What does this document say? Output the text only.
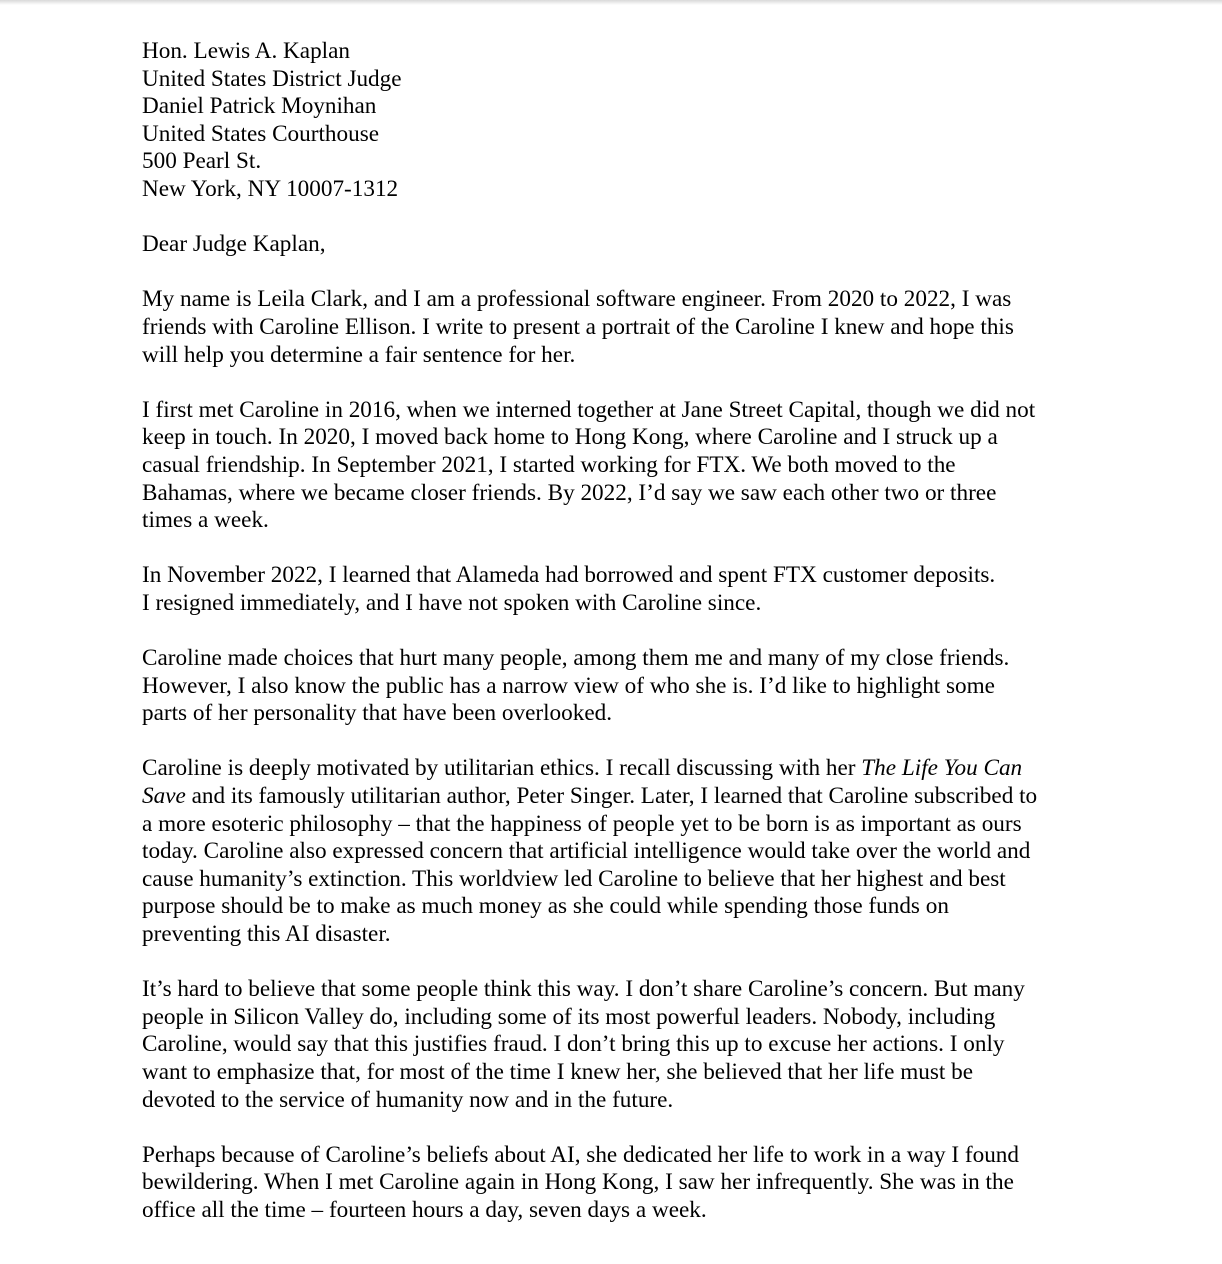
Hon. Lewis A. Kaplan
United States District Judge
Daniel Patrick Moynihan
United States Courthouse
500 Pearl St.
New York, NY 10007-1312
Dear Judge Kaplan,
My name is Leila Clark, and I am a professional software engineer. From 2020 to 2022, I was
friends with Caroline Ellison. I write to present a portrait of the Caroline I knew and hope this
will help you determine a fair sentence for her.
I first met Caroline in 2016, when we interned together at Jane Street Capital, though we did not
keep in touch. In 2020, I moved back home to Hong Kong, where Caroline and I struck up a
casual friendship. In September 2021, I started working for FTX. We both moved to the
Bahamas, where we became closer friends. By 2022, I’d say we saw each other two or three
times a week.
In November 2022, I learned that Alameda had borrowed and spent FTX customer deposits.
I resigned immediately, and I have not spoken with Caroline since.
Caroline made choices that hurt many people, among them me and many of my close friends.
However, I also know the public has a narrow view of who she is. I’d like to highlight some
parts of her personality that have been overlooked.
Caroline is deeply motivated by utilitarian ethics. I recall discussing with her The Life You Can
Save and its famously utilitarian author, Peter Singer. Later, I learned that Caroline subscribed to
a more esoteric philosophy – that the happiness of people yet to be born is as important as ours
today. Caroline also expressed concern that artificial intelligence would take over the world and
cause humanity’s extinction. This worldview led Caroline to believe that her highest and best
purpose should be to make as much money as she could while spending those funds on
preventing this AI disaster.
It’s hard to believe that some people think this way. I don’t share Caroline’s concern. But many
people in Silicon Valley do, including some of its most powerful leaders. Nobody, including
Caroline, would say that this justifies fraud. I don’t bring this up to excuse her actions. I only
want to emphasize that, for most of the time I knew her, she believed that her life must be
devoted to the service of humanity now and in the future.
Perhaps because of Caroline’s beliefs about AI, she dedicated her life to work in a way I found
bewildering. When I met Caroline again in Hong Kong, I saw her infrequently. She was in the
office all the time – fourteen hours a day, seven days a week.
